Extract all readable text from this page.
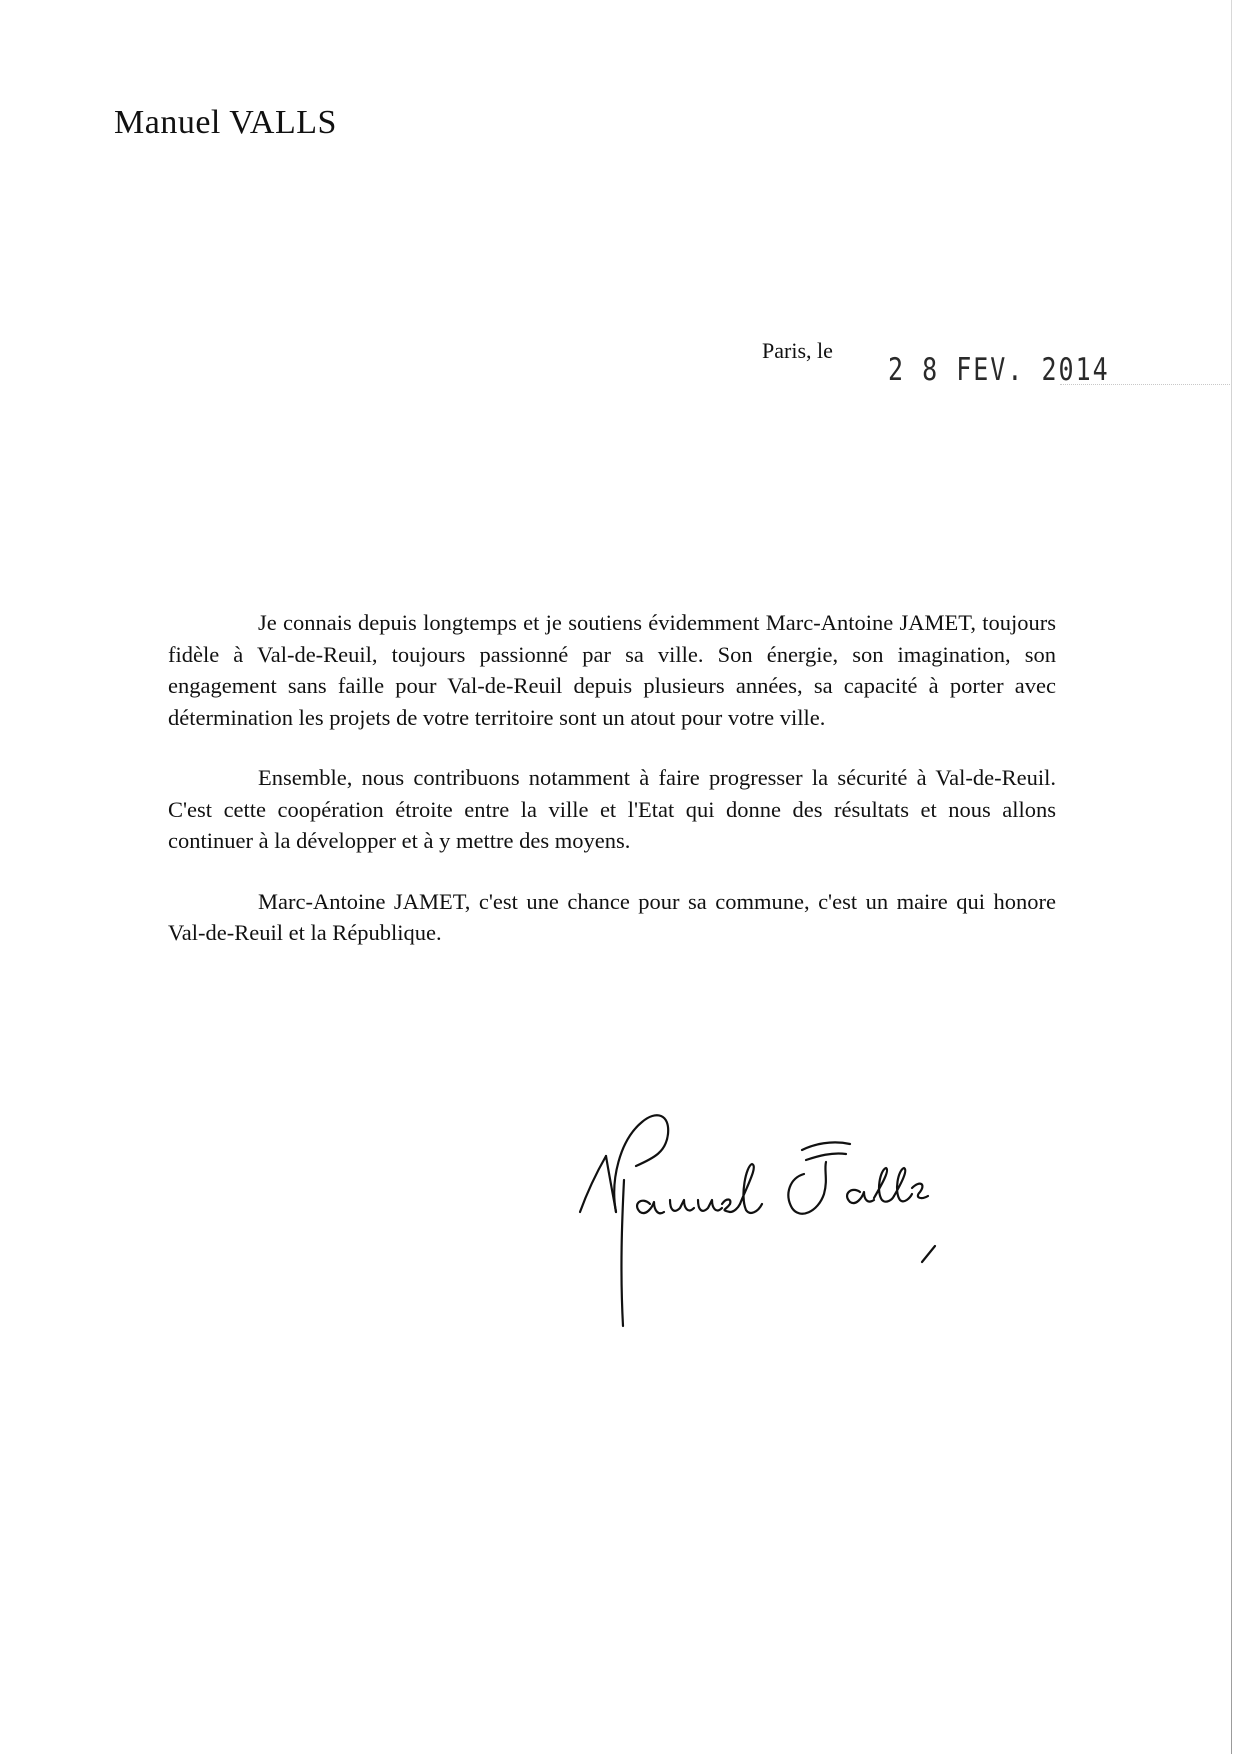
Manuel VALLS
Paris, le
2 8 FEV. 2014

Je connais depuis longtemps et je soutiens évidemment Marc-Antoine JAMET, toujours fidèle à Val-de-Reuil, toujours passionné par sa ville. Son énergie, son imagination, son engagement sans faille pour Val-de-Reuil depuis plusieurs années, sa capacité à porter avec détermination les projets de votre territoire sont un atout pour votre ville.

Ensemble, nous contribuons notamment à faire progresser la sécurité à Val-de-Reuil. C'est cette coopération étroite entre la ville et l'Etat qui donne des résultats et nous allons continuer à la développer et à y mettre des moyens.

Marc-Antoine JAMET, c'est une chance pour sa commune, c'est un maire qui honore Val-de-Reuil et la République.
